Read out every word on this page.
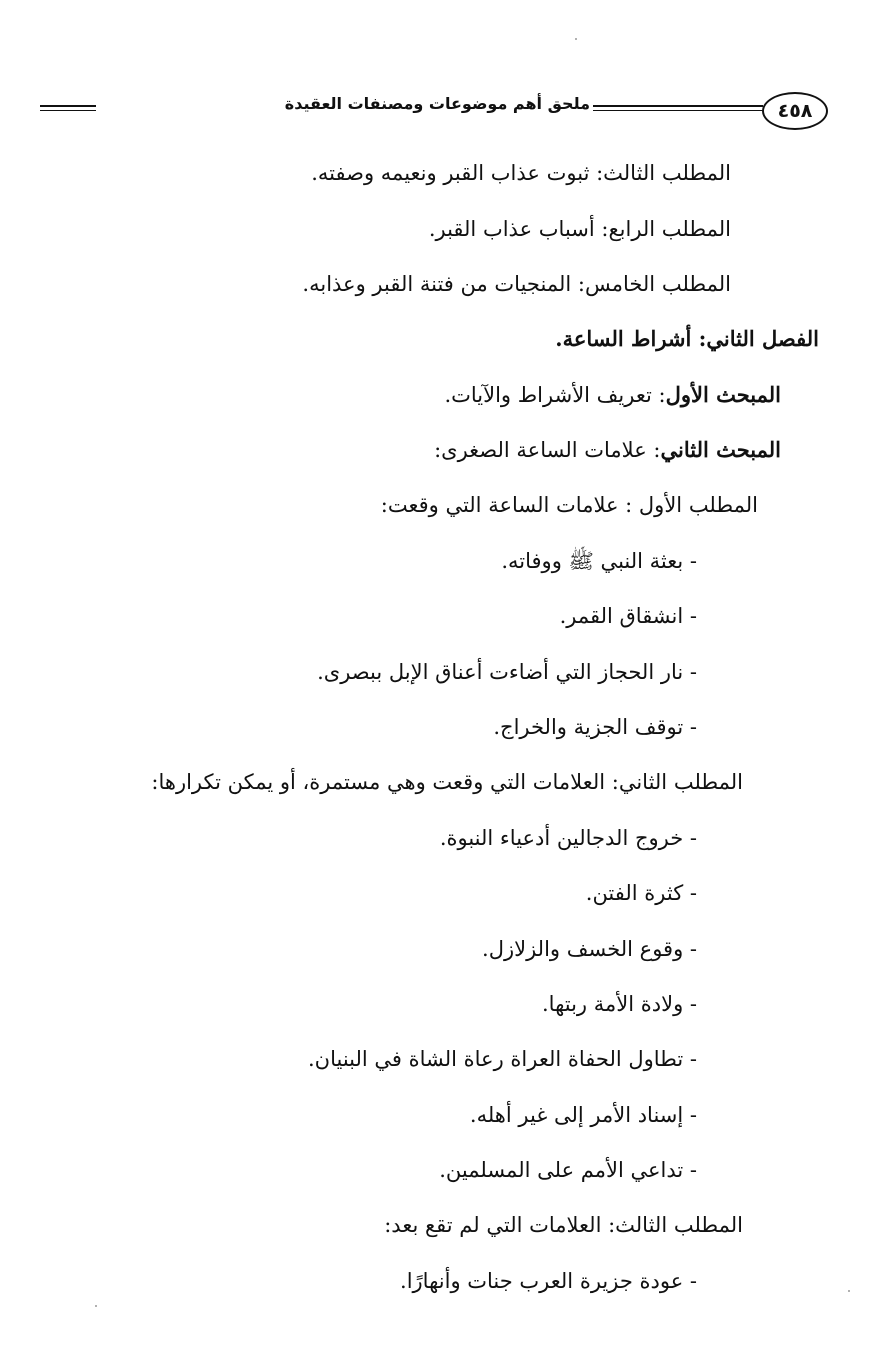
٤٥٨
ملحق أهم موضوعات ومصنفات العقيدة
المطلب الثالث: ثبوت عذاب القبر ونعيمه وصفته.
المطلب الرابع: أسباب عذاب القبر.
المطلب الخامس: المنجيات من فتنة القبر وعذابه.
الفصل الثاني: أشراط الساعة.
المبحث الأول: تعريف الأشراط والآيات.
المبحث الثاني: علامات الساعة الصغرى:
المطلب الأول : علامات الساعة التي وقعت:
- بعثة النبي ﷺ ووفاته.
- انشقاق القمر.
- نار الحجاز التي أضاءت أعناق الإبل ببصرى.
- توقف الجزية والخراج.
المطلب الثاني: العلامات التي وقعت وهي مستمرة، أو يمكن تكرارها:
- خروج الدجالين أدعياء النبوة.
- كثرة الفتن.
- وقوع الخسف والزلازل.
- ولادة الأمة ربتها.
- تطاول الحفاة العراة رعاة الشاة في البنيان.
- إسناد الأمر إلى غير أهله.
- تداعي الأمم على المسلمين.
المطلب الثالث: العلامات التي لم تقع بعد:
- عودة جزيرة العرب جنات وأنهارًا.
